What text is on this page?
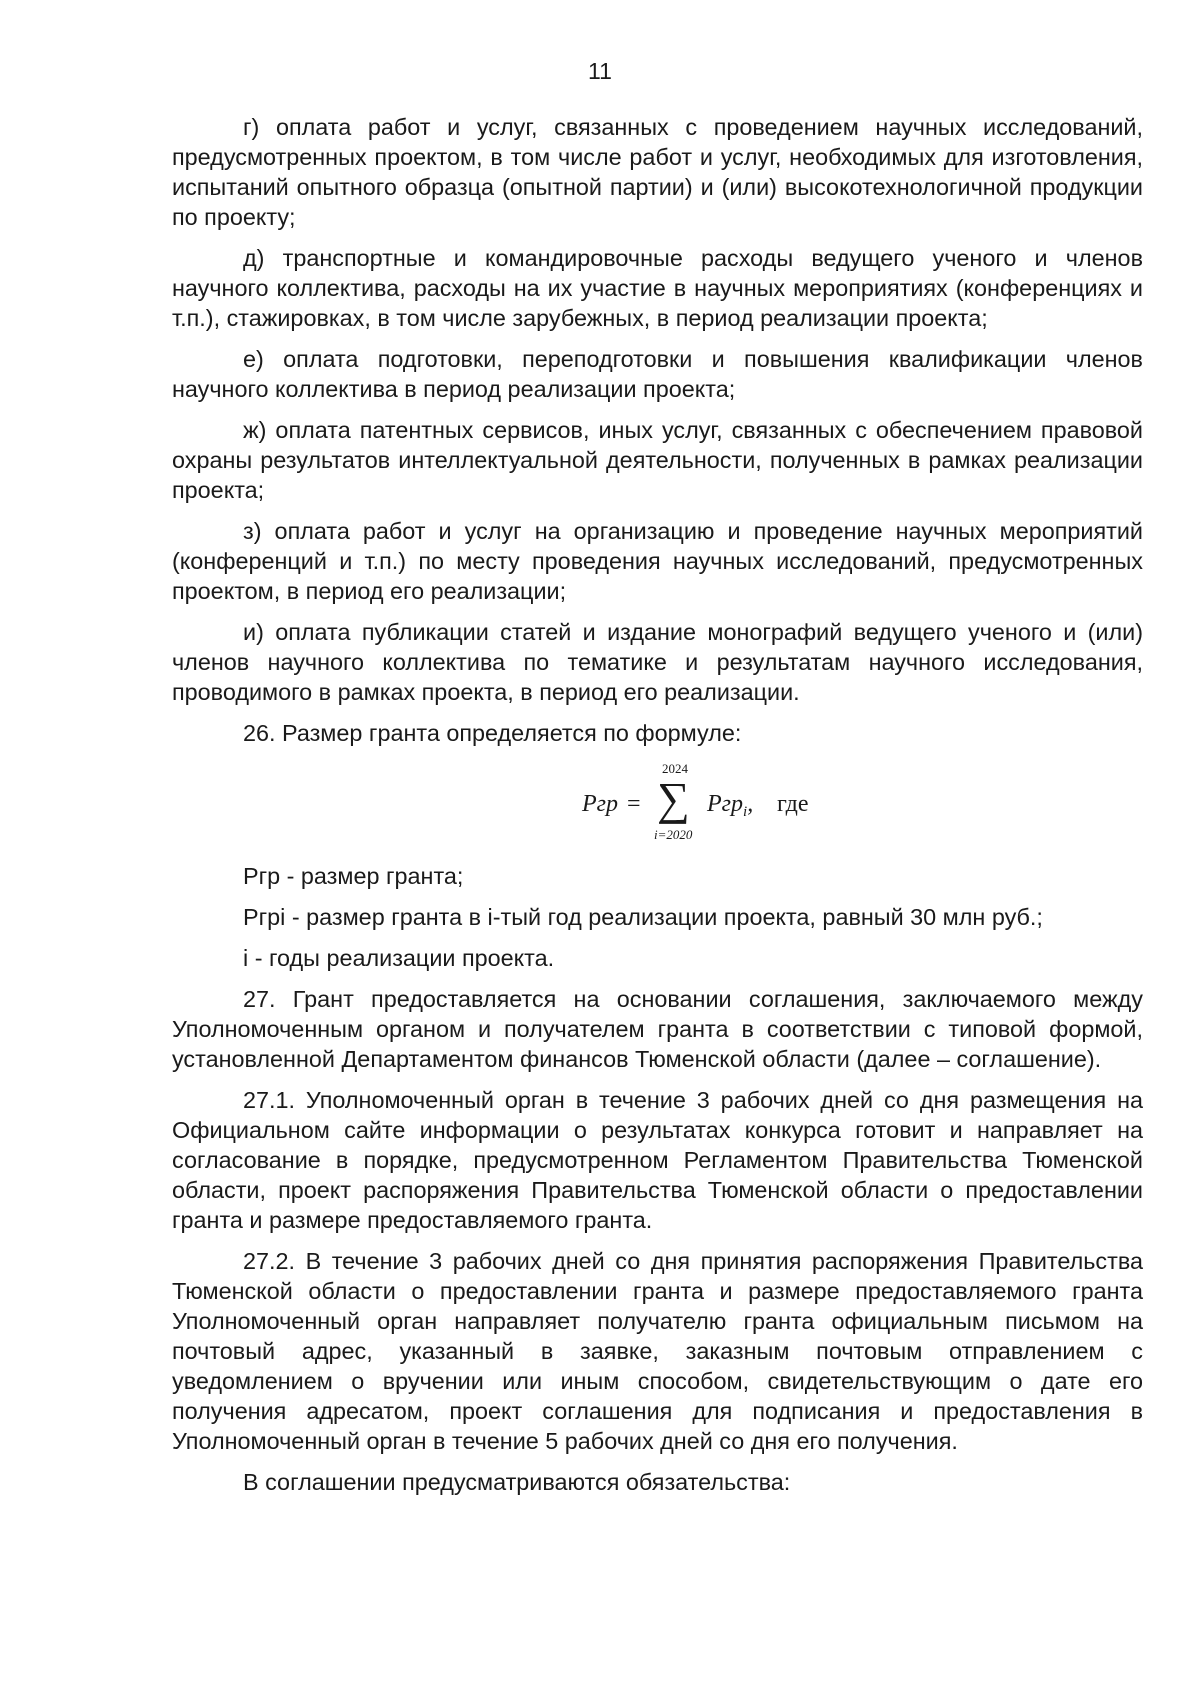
11

г) оплата работ и услуг, связанных с проведением научных исследований, предусмотренных проектом, в том числе работ и услуг, необходимых для изготовления, испытаний опытного образца (опытной партии) и (или) высокотехнологичной продукции по проекту;

д) транспортные и командировочные расходы ведущего ученого и членов научного коллектива, расходы на их участие в научных мероприятиях (конференциях и т.п.), стажировках, в том числе зарубежных, в период реализации проекта;

е) оплата подготовки, переподготовки и повышения квалификации членов научного коллектива в период реализации проекта;

ж) оплата патентных сервисов, иных услуг, связанных с обеспечением правовой охраны результатов интеллектуальной деятельности, полученных в рамках реализации проекта;

з) оплата работ и услуг на организацию и проведение научных мероприятий (конференций и т.п.) по месту проведения научных исследований, предусмотренных проектом, в период его реализации;

и) оплата публикации статей и издание монографий ведущего ученого и (или) членов научного коллектива по тематике и результатам научного исследования, проводимого в рамках проекта, в период его реализации.

26. Размер гранта определяется по формуле:

Pгр =
2024
∑
i=2020
Pгр$_i$, где

Ргр - размер гранта;

Ргрi - размер гранта в i-тый год реализации проекта, равный 30 млн руб.;

i - годы реализации проекта.

27. Грант предоставляется на основании соглашения, заключаемого между Уполномоченным органом и получателем гранта в соответствии с типовой формой, установленной Департаментом финансов Тюменской области (далее – соглашение).

27.1. Уполномоченный орган в течение 3 рабочих дней со дня размещения на Официальном сайте информации о результатах конкурса готовит и направляет на согласование в порядке, предусмотренном Регламентом Правительства Тюменской области, проект распоряжения Правительства Тюменской области о предоставлении гранта и размере предоставляемого гранта.

27.2. В течение 3 рабочих дней со дня принятия распоряжения Правительства Тюменской области о предоставлении гранта и размере предоставляемого гранта Уполномоченный орган направляет получателю гранта официальным письмом на почтовый адрес, указанный в заявке, заказным почтовым отправлением с уведомлением о вручении или иным способом, свидетельствующим о дате его получения адресатом, проект соглашения для подписания и предоставления в Уполномоченный орган в течение 5 рабочих дней со дня его получения.

В соглашении предусматриваются обязательства:
